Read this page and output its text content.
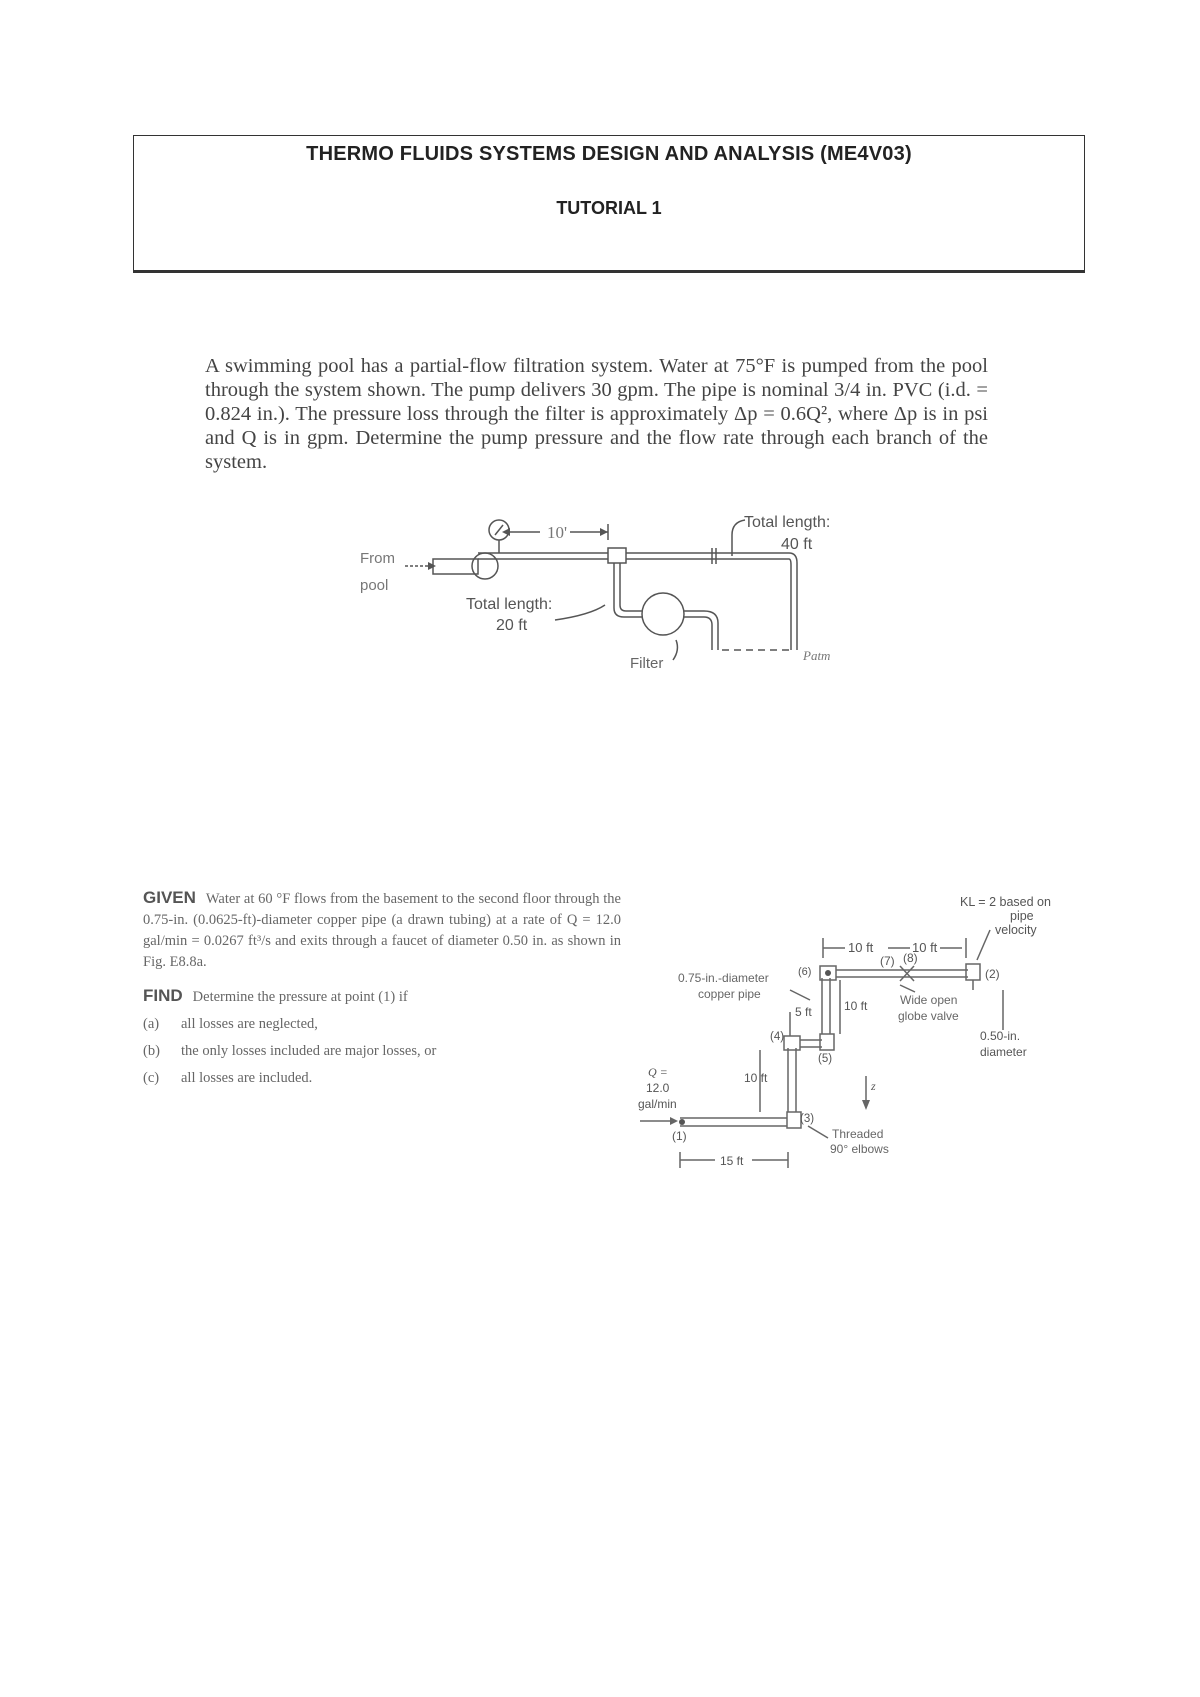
THERMO FLUIDS SYSTEMS DESIGN AND ANALYSIS (ME4V03)
TUTORIAL 1

A swimming pool has a partial-flow filtration system. Water at 75°F is pumped from the pool through the system shown. The pump delivers 30 gpm. The pipe is nominal 3/4 in. PVC (i.d. = 0.824 in.). The pressure loss through the filter is approximately Δp = 0.6Q², where Δp is in psi and Q is in gpm. Determine the pump pressure and the flow rate through each branch of the system.

From
pool
10'
Total length:
20 ft
Total length:
40 ft
Filter	Patm
GIVEN Water at 60 °F flows from the basement to the second floor through the 0.75-in. (0.0625-ft)-diameter copper pipe (a drawn tubing) at a rate of Q = 12.0 gal/min = 0.0267 ft³/s and exits through a faucet of diameter 0.50 in. as shown in Fig. E8.8a.
FIND Determine the pressure at point (1) if
(a)	all losses are neglected,
(b)	the only losses included are major losses, or
(c)	all losses are included.
KL = 2 based on
pipe
velocity
10 ft	10 ft
(7) (8)
(2)
(6)
0.75-in.-diameter
copper pipe
5 ft	10 ft	Wide open
globe valve
0.50-in.
diameter
(4)
(5)
10 ft
z
Q =
12.0
gal/min
(3)
(1)	Threaded
90° elbows
15 ft
